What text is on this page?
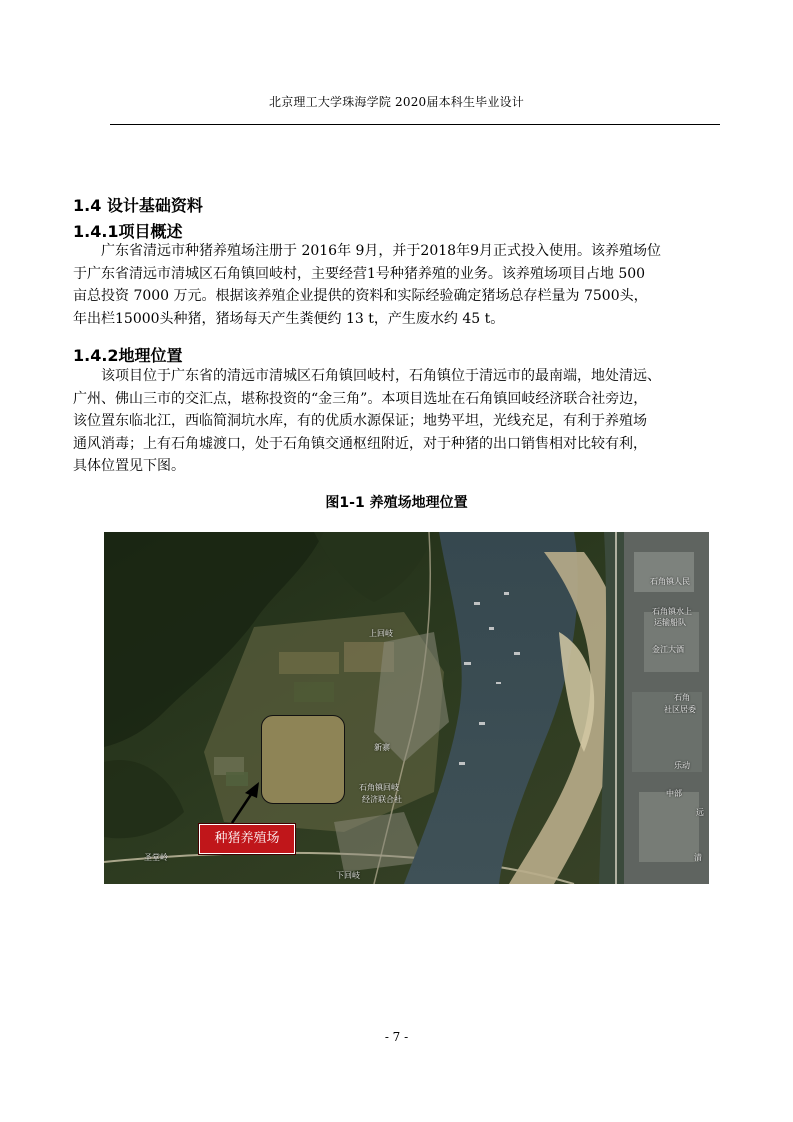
北京理工大学珠海学院 2020届本科生毕业设计
1.4 设计基础资料
1.4.1项目概述
广东省清远市种猪养殖场注册于 2016年 9月，并于2018年9月正式投入使用。该养殖场位
于广东省清远市清城区石角镇回岐村，主要经营1号种猪养殖的业务。该养殖场项目占地 500
亩总投资 7000 万元。根据该养殖企业提供的资料和实际经验确定猪场总存栏量为 7500头，
年出栏15000头种猪，猪场每天产生粪便约 13 t，产生废水约 45 t。
1.4.2地理位置
该项目位于广东省的清远市清城区石角镇回岐村，石角镇位于清远市的最南端，地处清远、
广州、佛山三市的交汇点，堪称投资的“金三角”。本项目选址在石角镇回岐经济联合社旁边，
该位置东临北江，西临简洞坑水库，有的优质水源保证；地势平坦，光线充足，有利于养殖场
通风消毒；上有石角墟渡口，处于石角镇交通枢纽附近，对于种猪的出口销售相对比较有利，
具体位置见下图。
图1-1 养殖场地理位置
上回岐
新寨
石角镇回岐
经济联合社
圣堂岭
下回岐
石角镇人民
石角镇水上
运输船队
金江大酒
石角
社区居委
乐动
中部
远
清
种猪养殖场
- 7 -
